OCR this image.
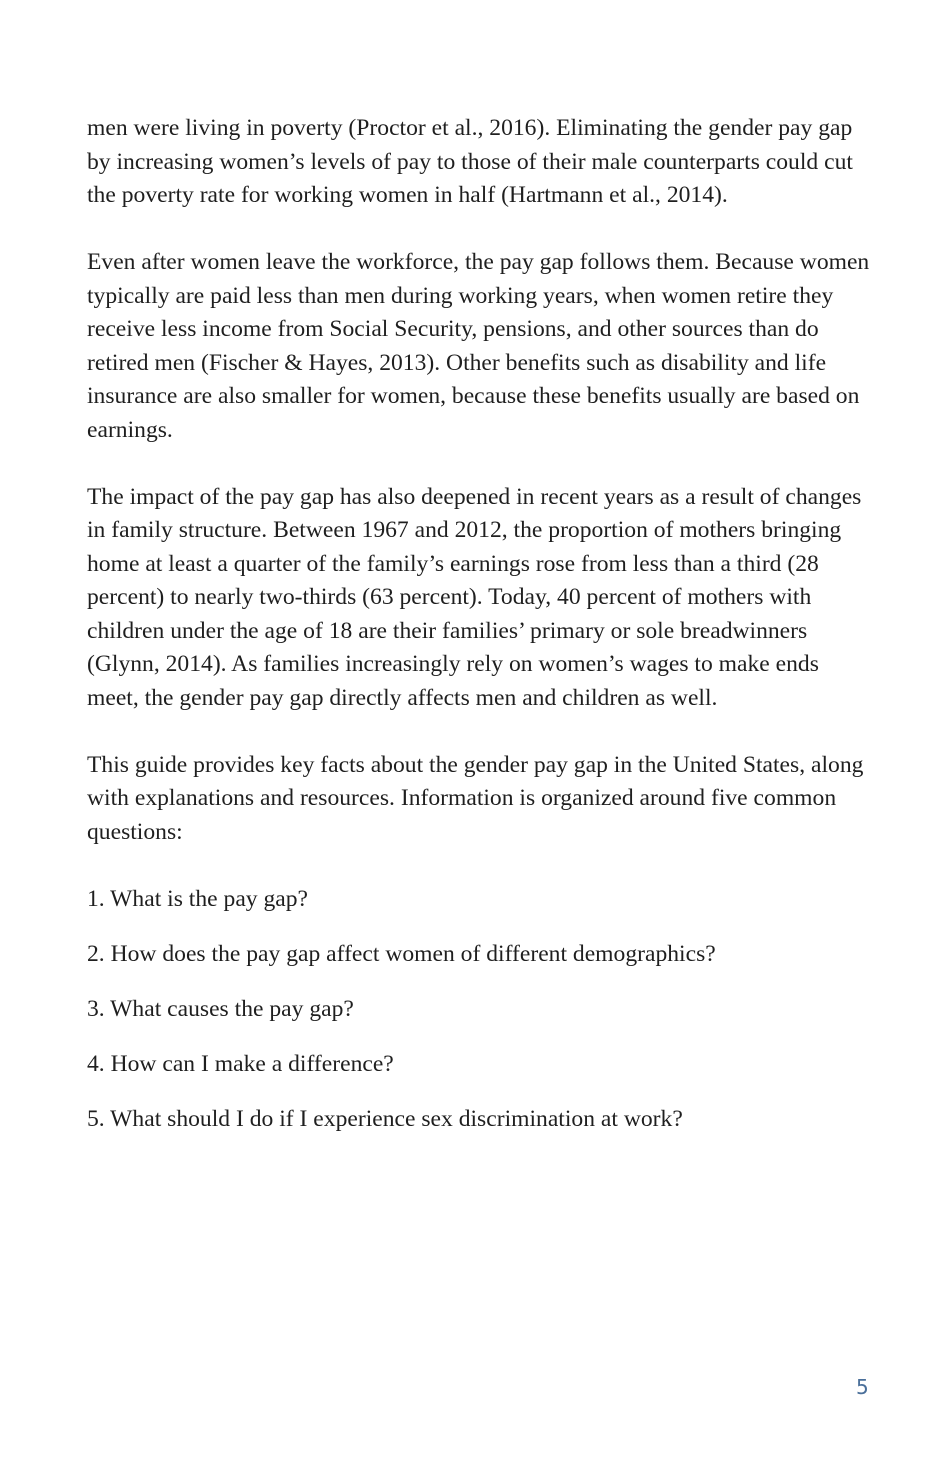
men were living in poverty (Proctor et al., 2016). Eliminating the gender pay gap by increasing women’s levels of pay to those of their male counterparts could cut the poverty rate for working women in half (Hartmann et al., 2014).

Even after women leave the workforce, the pay gap follows them. Because women typically are paid less than men during working years, when women retire they receive less income from Social Security, pensions, and other sources than do retired men (Fischer & Hayes, 2013). Other benefits such as disability and life insurance are also smaller for women, because these benefits usually are based on earnings.

The impact of the pay gap has also deepened in recent years as a result of changes in family structure. Between 1967 and 2012, the proportion of mothers bringing home at least a quarter of the family’s earnings rose from less than a third (28 percent) to nearly two-thirds (63 percent). Today, 40 percent of mothers with children under the age of 18 are their families’ primary or sole breadwinners (Glynn, 2014). As families increasingly rely on women’s wages to make ends meet, the gender pay gap directly affects men and children as well.

This guide provides key facts about the gender pay gap in the United States, along with explanations and resources. Information is organized around five common questions:

1. What is the pay gap?
2. How does the pay gap affect women of different demographics?
3. What causes the pay gap?
4. How can I make a difference?
5. What should I do if I experience sex discrimination at work?
5
